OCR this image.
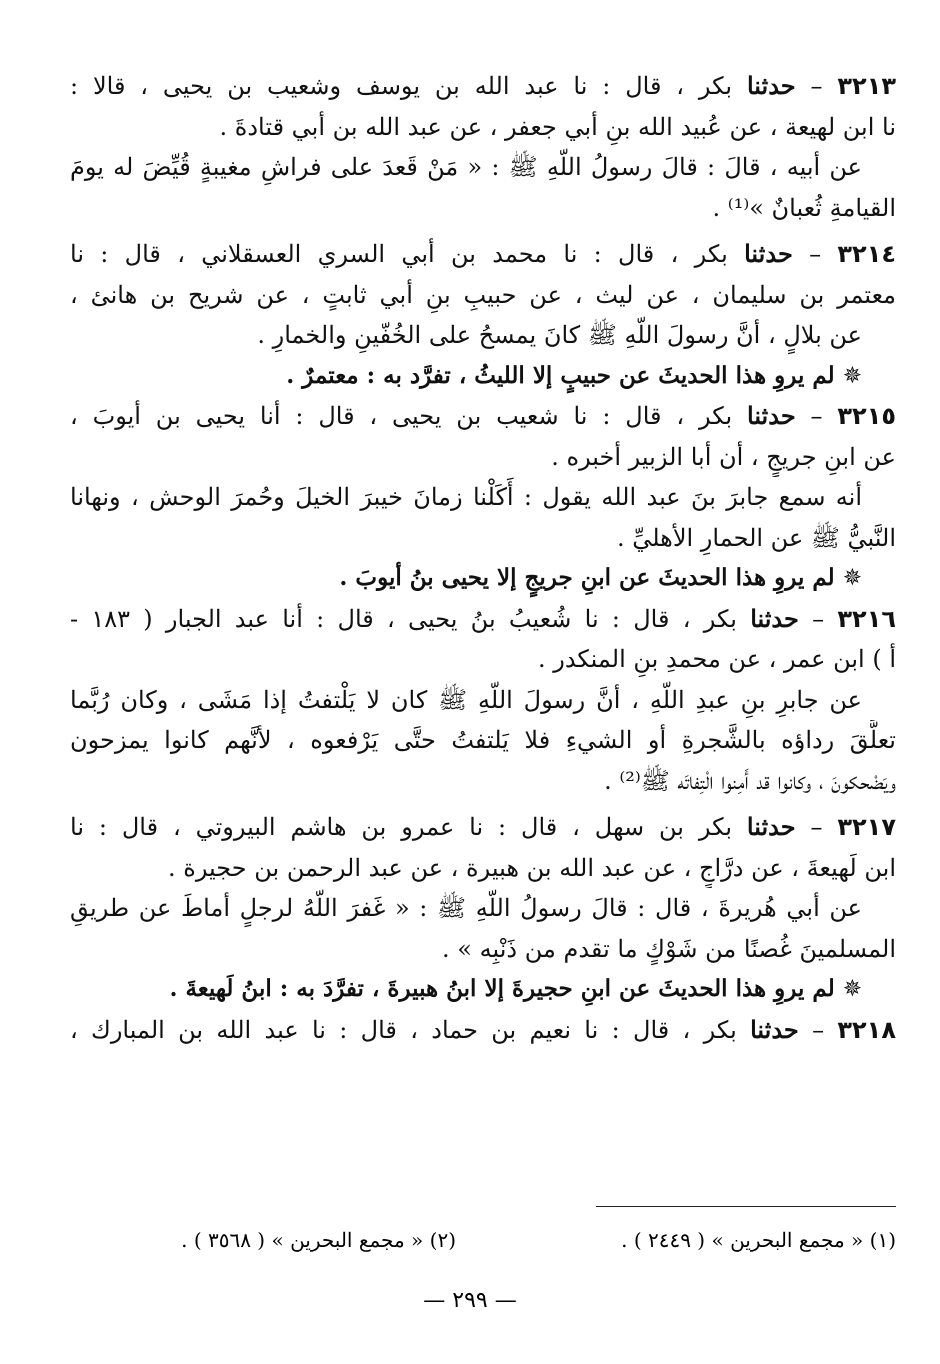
٣٢١٣ – حدثنا بكر ، قال : نا عبد الله بن يوسف وشعيب بن يحيى ، قالا :
نا ابن لهيعة ، عن عُبيد الله بنِ أبي جعفر ، عن عبد الله بن أبي قتادةَ .
عن أبيه ، قالَ : قالَ رسولُ اللّهِ ﷺ : « مَنْ قَعدَ على فراشِ مغيبةٍ قُيِّضَ له يومَ
القيامةِ ثُعبانٌ »⁽¹⁾ .
٣٢١٤ – حدثنا بكر ، قال : نا محمد بن أبي السري العسقلاني ، قال : نا
معتمر بن سليمان ، عن ليث ، عن حبيبِ بنِ أبي ثابتٍ ، عن شريح بن هانئ ،
عن بلالٍ ، أنَّ رسولَ اللّهِ ﷺ كانَ يمسحُ على الخُفّينِ والخمارِ .
✵ لم يروِ هذا الحديثَ عن حبيبٍ إلا الليثُ ، تفرَّد به : معتمرٌ .
٣٢١٥ – حدثنا بكر ، قال : نا شعيب بن يحيى ، قال : أنا يحيى بن أيوبَ ،
عن ابنِ جريجٍ ، أن أبا الزبير أخبره .
أنه سمع جابرَ بنَ عبد الله يقول : أَكَلْنا زمانَ خيبرَ الخيلَ وحُمرَ الوحش ، ونهانا
النَّبيُّ ﷺ عن الحمارِ الأهليِّ .
✵ لم يروِ هذا الحديثَ عن ابنِ جريجٍ إلا يحيى بنُ أيوبَ .
٣٢١٦ – حدثنا بكر ، قال : نا شُعيبُ بنُ يحيى ، قال : أنا عبد الجبار ( ١٨٣ -
أ ) ابن عمر ، عن محمدِ بنِ المنكدر .
عن جابرِ بنِ عبدِ اللّهِ ، أنَّ رسولَ اللّهِ ﷺ كان لا يَلْتفتُ إذا مَشَى ، وكان رُبَّما
تعلَّقَ رداؤه بالشَّجرةِ أو الشيءِ فلا يَلتفتُ حتَّى يَرْفعوه ، لأنَّهم كانوا يمزحون
ويَضْحكونَ ، وكانوا قد أَمِنوا الْتِفاتَه ﷺ⁽²⁾ .
٣٢١٧ – حدثنا بكر بن سهل ، قال : نا عمرو بن هاشم البيروتي ، قال : نا
ابن لَهيعةَ ، عن درَّاجٍ ، عن عبد الله بن هبيرة ، عن عبد الرحمن بن حجيرة .
عن أبي هُريرةَ ، قال : قالَ رسولُ اللّهِ ﷺ : « غَفرَ اللّهُ لرجلٍ أماطَ عن طريقِ
المسلمينَ غُصنًا من شَوْكٍ ما تقدم من ذَنْبِه » .
✵ لم يروِ هذا الحديثَ عن ابنِ حجيرةَ إلا ابنُ هبيرةَ ، تفرَّدَ به : ابنُ لَهيعةَ .
٣٢١٨ – حدثنا بكر ، قال : نا نعيم بن حماد ، قال : نا عبد الله بن المبارك ،
(١) « مجمع البحرين » ( ٢٤٤٩ ) .
(٢) « مجمع البحرين » ( ٣٥٦٨ ) .
— ٢٩٩ —
